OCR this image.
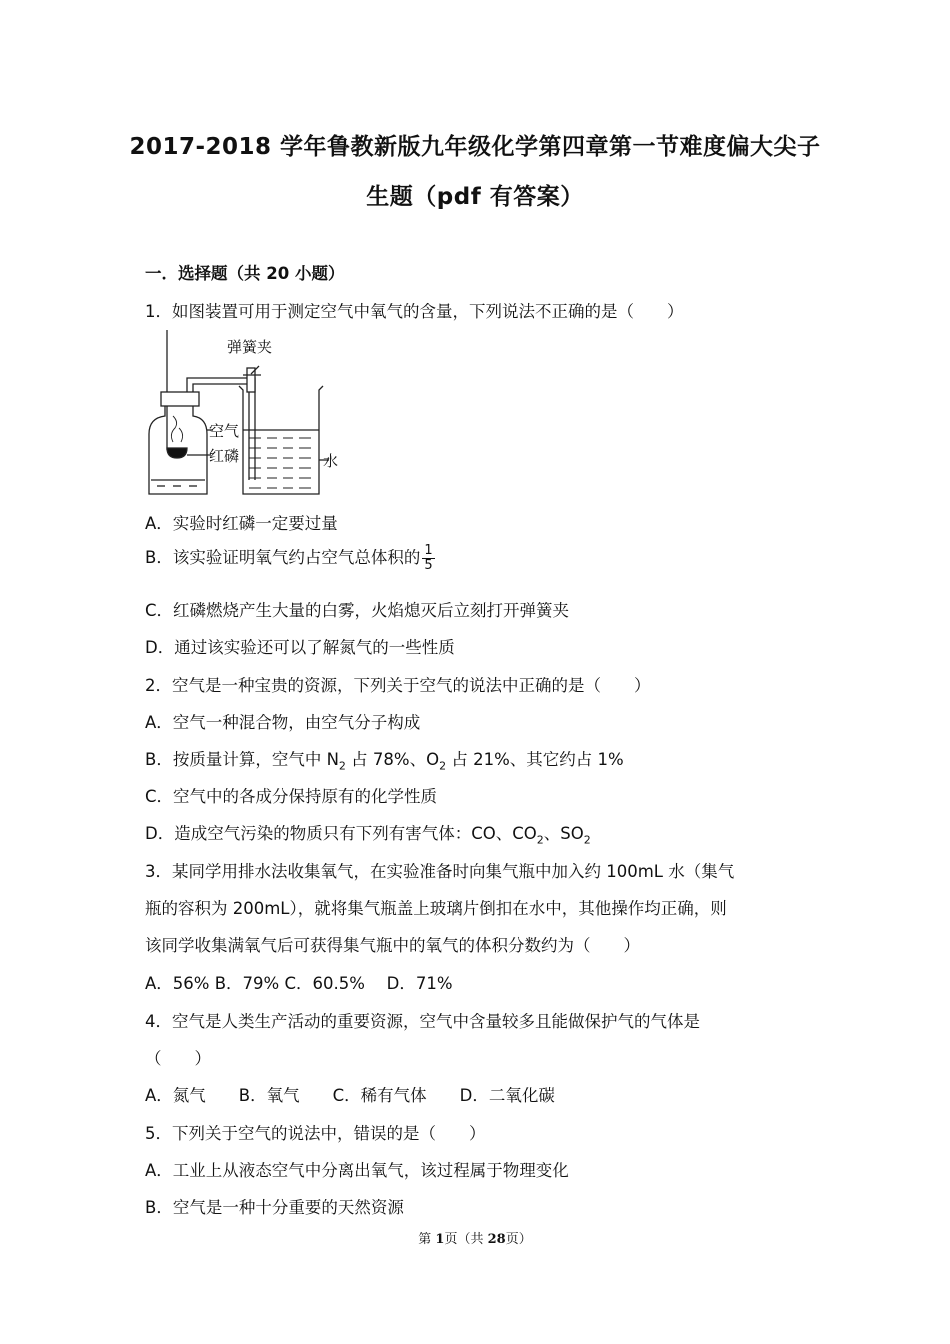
2017-2018 学年鲁教新版九年级化学第四章第一节难度偏大尖子
生题（pdf 有答案）
一．选择题（共 20 小题）
1．如图装置可用于测定空气中氧气的含量，下列说法不正确的是（　　）
弹簧夹
空气
红磷	水
A．实验时红磷一定要过量
B．该实验证明氧气约占空气总体积的 $\frac{1}{5}$
C．红磷燃烧产生大量的白雾，火焰熄灭后立刻打开弹簧夹
D．通过该实验还可以了解氮气的一些性质
2．空气是一种宝贵的资源，下列关于空气的说法中正确的是（　　）
A．空气一种混合物，由空气分子构成
B．按质量计算，空气中 $N_2$ 占 78%、$O_2$ 占 21%、其它约占 1%
C．空气中的各成分保持原有的化学性质
D．造成空气污染的物质只有下列有害气体：CO、$CO_2$、$SO_2$
3．某同学用排水法收集氧气，在实验准备时向集气瓶中加入约 100mL 水（集气
瓶的容积为 200mL），就将集气瓶盖上玻璃片倒扣在水中，其他操作均正确，则
该同学收集满氧气后可获得集气瓶中的氧气的体积分数约为（　　）
A．56% B．79% C．60.5%　 D．71%
4．空气是人类生产活动的重要资源，空气中含量较多且能做保护气的气体是
（　　）
A．氮气　　B．氧气　　C．稀有气体　　D．二氧化碳
5．下列关于空气的说法中，错误的是（　　）
A．工业上从液态空气中分离出氧气，该过程属于物理变化
B．空气是一种十分重要的天然资源
第 1页（共 28页）
